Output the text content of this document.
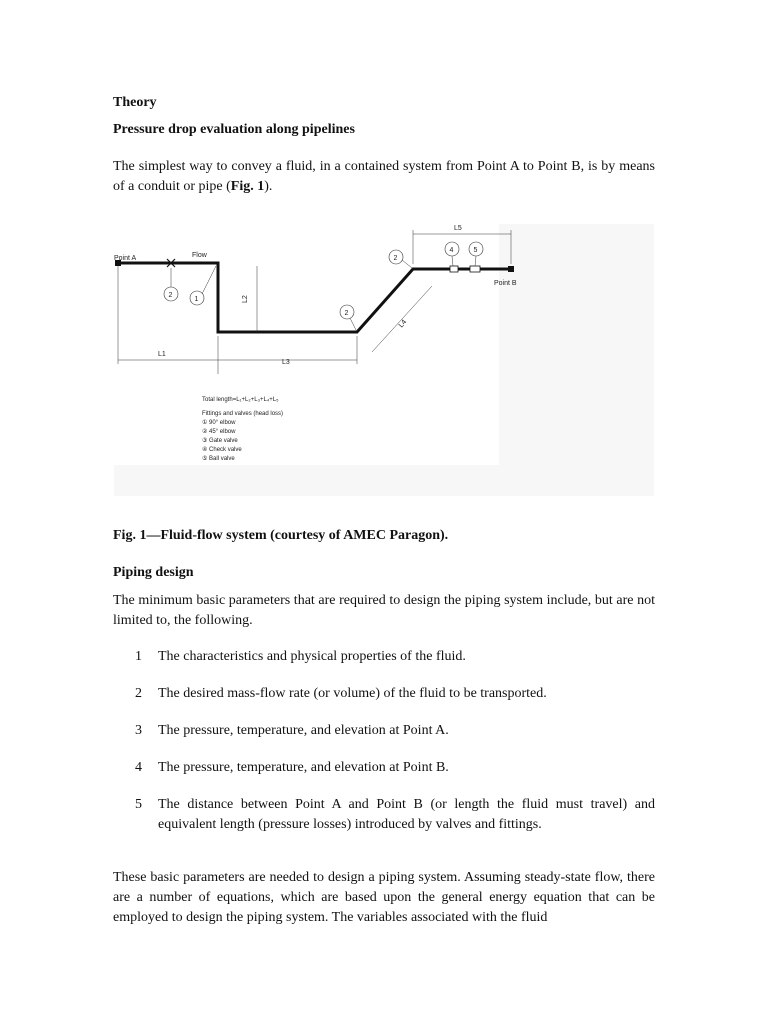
Theory
Pressure drop evaluation along pipelines

The simplest way to convey a fluid, in a contained system from Point A to Point B, is by means of a conduit or pipe (Fig. 1).

Flow
Point A
Point B
L1
L3
L2
L4
L5
1
2
2
2
4	5
Total length=L₁+L₂+L₃+L₄+L₅
Fittings and valves (head loss)
① 90° elbow
② 45° elbow
③ Gate valve
④ Check valve
⑤ Ball valve
Fig. 1—Fluid-flow system (courtesy of AMEC Paragon).
Piping design

The minimum basic parameters that are required to design the piping system include, but are not limited to, the following.

1 The characteristics and physical properties of the fluid.
2 The desired mass-flow rate (or volume) of the fluid to be transported.
3 The pressure, temperature, and elevation at Point A.
4 The pressure, temperature, and elevation at Point B.
5 The distance between Point A and Point B (or length the fluid must travel) and equivalent length (pressure losses) introduced by valves and fittings.

These basic parameters are needed to design a piping system. Assuming steady-state flow, there are a number of equations, which are based upon the general energy equation that can be employed to design the piping system. The variables associated with the fluid
